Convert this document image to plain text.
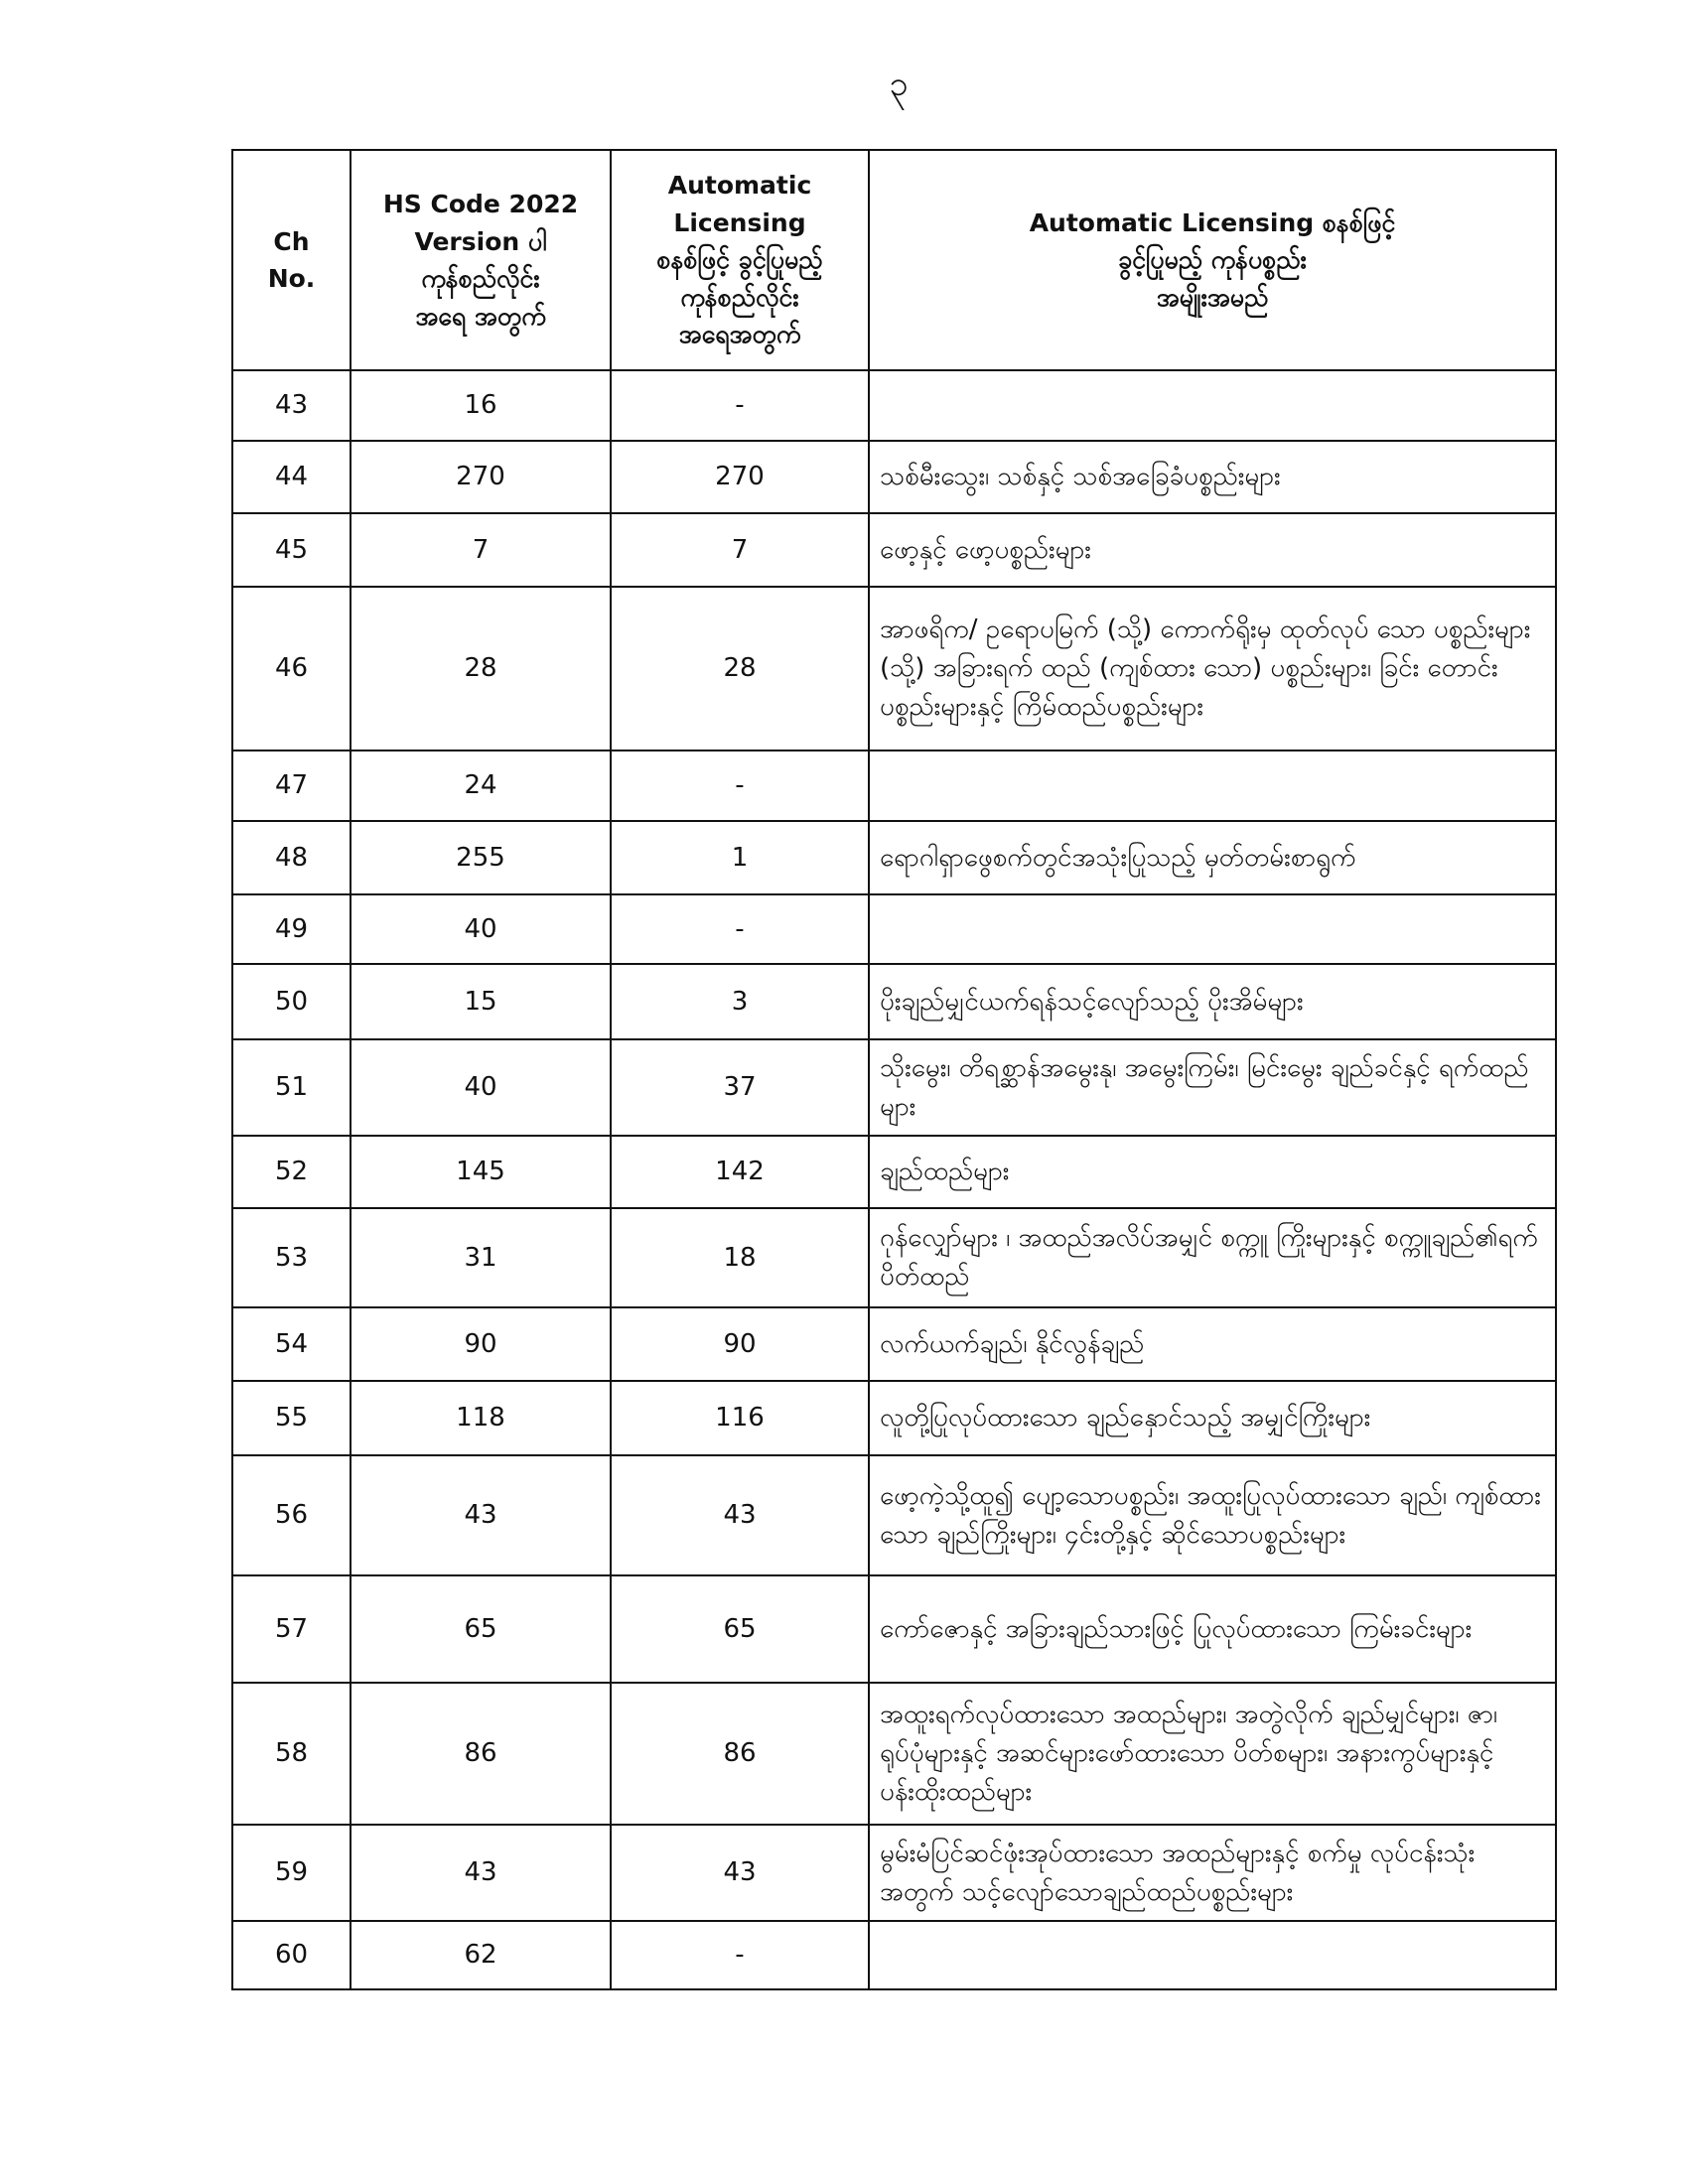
၃
Ch
No.	HS Code 2022
Version ပါ
ကုန်စည်လိုင်း
အရေ အတွက်	Automatic Licensing
စနစ်ဖြင့် ခွင့်ပြုမည့်
ကုန်စည်လိုင်း
အရေအတွက်	Automatic Licensing စနစ်ဖြင့်
ခွင့်ပြုမည့် ကုန်ပစ္စည်း
အမျိုးအမည်

43	16	-	
44	270	270	သစ်မီးသွေး၊ သစ်နှင့် သစ်အခြေခံပစ္စည်းများ
45	7	7	ဖော့နှင့် ဖော့ပစ္စည်းများ
46	28	28	အာဖရိက/ ဥရောပမြက် (သို့) ကောက်ရိုးမှ ထုတ်လုပ် သော ပစ္စည်းများ (သို့) အခြားရက် ထည် (ကျစ်ထား သော) ပစ္စည်းများ၊ ခြင်း တောင်းပစ္စည်းများနှင့် ကြိမ်ထည်ပစ္စည်းများ
47	24	-	
48	255	1	ရောဂါရှာဖွေစက်တွင်အသုံးပြုသည့် မှတ်တမ်းစာရွက်
49	40	-	
50	15	3	ပိုးချည်မျှင်ယက်ရန်သင့်လျော်သည့် ပိုးအိမ်များ
51	40	37	သိုးမွေး၊ တိရစ္ဆာန်အမွေးနု၊ အမွေးကြမ်း၊ မြင်းမွေး ချည်ခင်နှင့် ရက်ထည်များ
52	145	142	ချည်ထည်များ
53	31	18	ဂုန်လျှော်များ ၊ အထည်အလိပ်အမျှင် စက္ကူ ကြိုးများနှင့် စက္ကူချည်၏ရက်ပိတ်ထည်
54	90	90	လက်ယက်ချည်၊ နိုင်လွန်ချည်
55	118	116	လူတို့ပြုလုပ်ထားသော ချည်နှောင်သည့် အမျှင်ကြိုးများ
56	43	43	ဖော့ကဲ့သို့ထူ၍ ပျော့သောပစ္စည်း၊ အထူးပြုလုပ်ထားသော ချည်၊ ကျစ်ထားသော ချည်ကြိုးများ၊ ၄င်းတို့နှင့် ဆိုင်သောပစ္စည်းများ
57	65	65	ကော်ဇောနှင့် အခြားချည်သားဖြင့် ပြုလုပ်ထားသော ကြမ်းခင်းများ
58	86	86	အထူးရက်လုပ်ထားသော အထည်များ၊ အတွဲလိုက် ချည်မျှင်များ၊ ဇာ၊ ရုပ်ပုံများနှင့် အဆင်များဖော်ထားသော ပိတ်စများ၊ အနားကွပ်များနှင့် ပန်းထိုးထည်များ
59	43	43	မွမ်းမံပြင်ဆင်ဖုံးအုပ်ထားသော အထည်များနှင့် စက်မှု လုပ်ငန်းသုံးအတွက် သင့်လျော်သောချည်ထည်ပစ္စည်းများ
60	62	-	
